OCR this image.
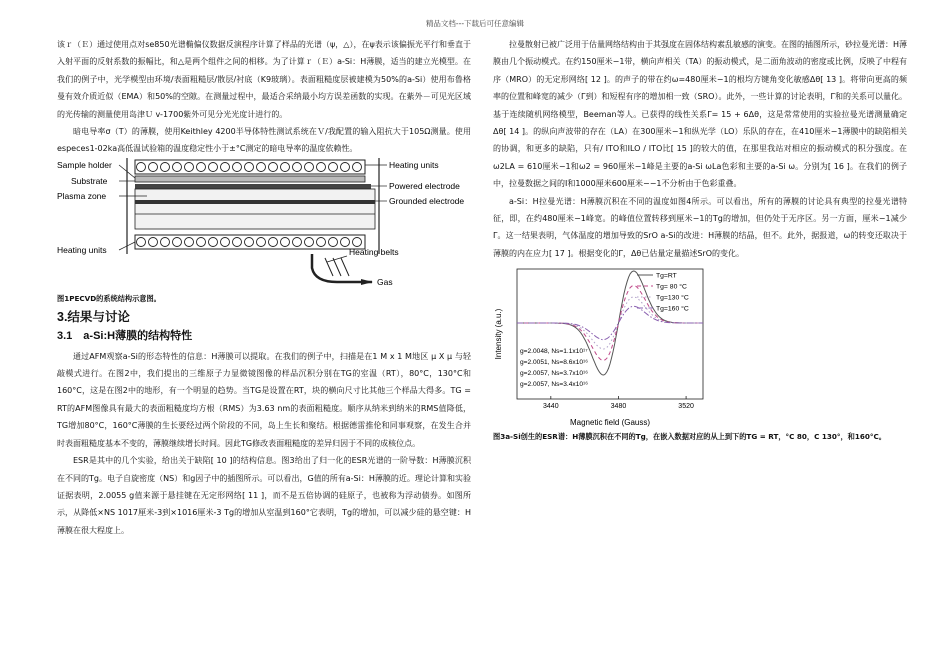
精品文档---下载后可任意编辑

该ｒ（Ｅ）通过使用点对se850光谱椭偏仪数据反演程序计算了样品的光谱（ψ，△），在ψ表示该偏振光平行和垂直于入射平面的反射系数的振幅比，和△是两个组件之间的相移。为了计算ｒ（Ｅ）a-Si：H薄膜，适当的建立光模型。在我们的例子中，光学模型由环境/表面粗糙层/散层/衬底（K9玻璃）。表面粗糙度层被建模为50%的a-Si）使用布鲁格曼有效介质近似（EMA）和50%的空隙。在测量过程中，最适合采纳最小均方误差函数的实现。在紫外－可见光区域的光传输的测量使用岛津Ｕ v-1700紫外可见分光光度计进行的。

暗电导率σ（T）的薄膜，使用Keithley 4200半导体特性测试系统在Ｖ/我配置的输入阻抗大于105Ω测量。使用especes1-02ka高低温试验箱的温度稳定性小于±°C测定的暗电导率的温度依赖性。

Sample holder	Heating units
Substrate	Powered electrode
Plasma zone	Grounded electrode
Heating units	Heating belts
Gas

图1PECVD的系统结构示意图。

3.结果与讨论
3.1　a-Si:H薄膜的结构特性

通过AFM观察a-Si的形态特性的信息：H薄膜可以提取。在我们的例子中，扫描是在1 M x 1 M地区 μ X μ 与轻敲模式进行。在图2中，我们提出的三维原子力显微镜图像的样品沉积分别在TG的室温（RT），80°C，130°C和160°C，这是在图2中的地形，有一个明显的趋势。当TG是设置在RT，块的横向尺寸比其他三个样品大得多。TG = RT的AFM图像具有最大的表面粗糙度均方根（RMS）为3.63 nm的表面粗糙度。顺序从纳米到纳米的RMS值降低，TG增加80°C，160°C薄膜的生长要经过两个阶段的不同，岛上生长和聚结。根据德雷推伦和同事观察，在发生合并时表面粗糙度基本不变的，薄膜继续增长时间。因此TG修改表面粗糙度的差异归因于不同的成核位点。

ESR是其中的几个实验，给出关于缺陷[ 10 ]的结构信息。图3给出了归一化的ESR光谱的一阶导数：H薄膜沉积在不同的Tg。电子自旋密度（NS）和g因子中的插图所示。可以看出，G值的所有a-Si：H薄膜的近。理论计算和实验证据表明，2.0055 g值来源于悬挂键在无定形网络[ 11 ]，而不是五倍协调的硅原子，也被称为浮动债券。如图所示，从降低×NS 1017厘米-3到×1016厘米-3 Tg的增加从室温到160°它表明，Tg的增加，可以减少硅的悬空键：H薄膜在很大程度上。

拉曼散射已被广泛用于估量网络结构由于其强度在固体结构素乱敏感的演变。在图的插图所示，砂拉曼光谱：H薄膜由几个振动模式。在约150厘米−1带，横向声相关（TA）的振动模式，是二面角波动的密度或比例，反映了中程有序（MRO）的无定形网络[ 12 ]。的声子的带在约ω=480厘米−1的根均方键角变化敏感Δθ[ 13 ]。将带向更高的频率的位置和峰宽的减少（Γ到）和短程有序的增加相一致（SRO）。此外，一些计算的讨论表明，Γ和的关系可以量化。基于连续随机网络模型，Beeman等人。已获得的线性关系Γ= 15 + 6Δθ，这是常常使用的实验拉曼光谱测量确定Δθ[ 14 ]。的纵向声波带的存在（LA）在300厘米−1和纵光学（LO）乐队的存在，在410厘米−1薄膜中的缺陷相关的协调，和更多的缺陷，只有/ ITO和ILO / ITO比[ 15 ]的较大的值，在那里我站对相应的振动模式的积分强度。在ω2LA = 610厘米−1和ω2 = 960厘米−1峰是主要的a-Si ωLa色彩和主要的a-Si ω。分别为[ 16 ]。在我们的例子中，拉曼数据之间的I和1000厘米600厘米−−1不分析由于色彩重叠。

a-Si：H拉曼光谱：H薄膜沉积在不同的温度如图4所示。可以看出，所有的薄膜的讨论具有典型的拉曼光谱特征，即，在约480厘米−1峰宽。的峰值位置转移到厘米−1的Tg的增加，但仍处于无序区。另一方面，厘米−1减少Γ。这一结果表明，气体温度的增加导致的SrO a-Si的改进：H薄膜的结晶，但不。此外，据报道，ω的转变还取决于薄膜的内在应力[ 17 ]。根据变化的Γ，Δθ已估量定量描述SrO的变化。

Intensity (a.u.)
Magnetic field (Gauss)
3440	3480	3520
Tg=RT
Tg= 80 °C
Tg=130 °C
Tg=160 °C
g=2.0048, Ns=1.1x10¹⁷
g=2.0051, Ns=8.6x10¹⁶
g=2.0057, Ns=3.7x10¹⁶
g=2.0057, Ns=3.4x10¹⁶

图3a-Si创生的ESR谱：H薄膜沉积在不同的Tg，在嵌入数据对应的从上到下的TG = RT，°C 80，C 130°，和160°C。
